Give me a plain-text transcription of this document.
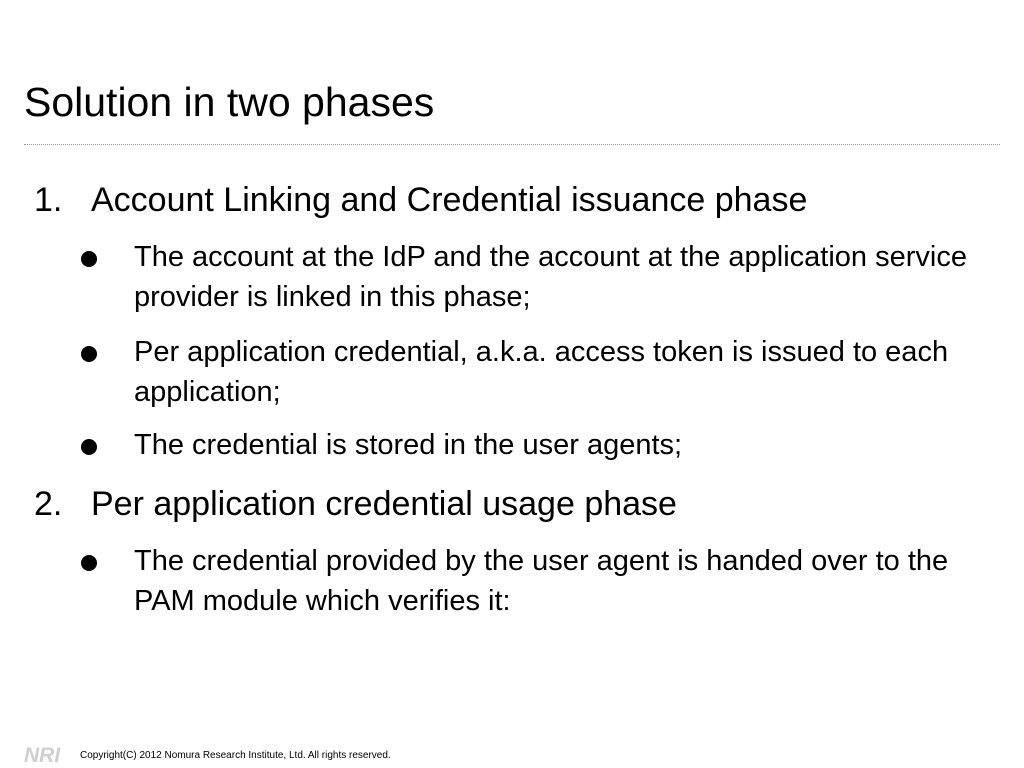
Solution in two phases
1. Account Linking and Credential issuance phase
The account at the IdP and the account at the application service provider is linked in this phase;
Per application credential, a.k.a. access token is issued to each application;
The credential is stored in the user agents;
2. Per application credential usage phase
The credential provided by the user agent is handed over to the PAM module which verifies it:
NRI Copyright(C) 2012 Nomura Research Institute, Ltd. All rights reserved.
